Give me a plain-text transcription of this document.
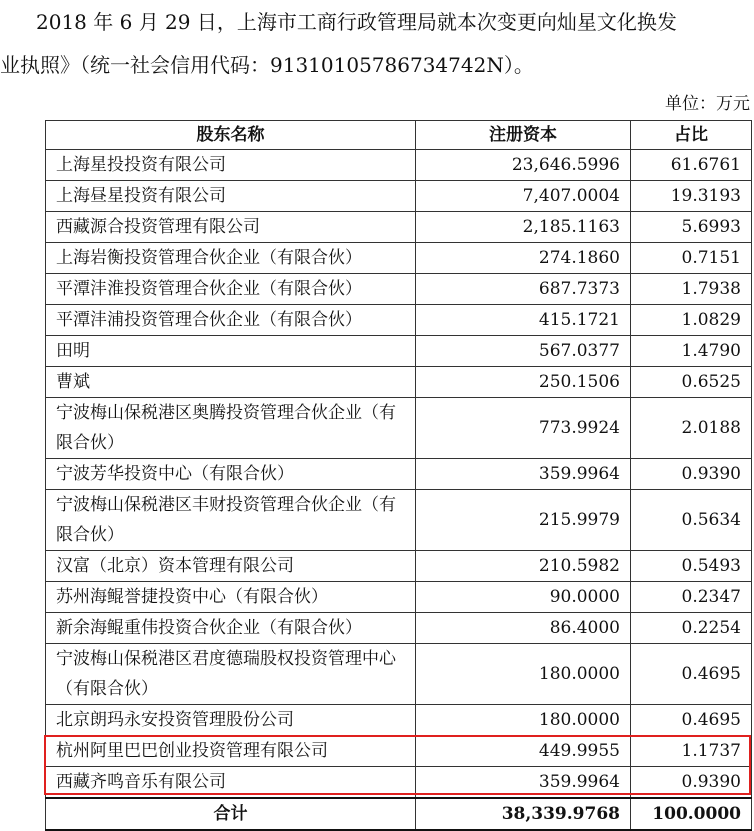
2018 年 6 月 29 日，上海市工商行政管理局就本次变更向灿星文化换发
业执照》（统一社会信用代码：91310105786734742N）。
单位：万元
股东名称	注册资本	占比
上海星投投资有限公司	23,646.5996	61.6761
上海昼星投资有限公司	7,407.0004	19.3193
西藏源合投资管理有限公司	2,185.1163	5.6993
上海岩衡投资管理合伙企业（有限合伙）	274.1860	0.7151
平潭沣淮投资管理合伙企业（有限合伙）	687.7373	1.7938
平潭沣浦投资管理合伙企业（有限合伙）	415.1721	1.0829
田明	567.0377	1.4790
曹斌	250.1506	0.6525
宁波梅山保税港区奥腾投资管理合伙企业（有限合伙）	773.9924	2.0188
宁波芳华投资中心（有限合伙）	359.9964	0.9390
宁波梅山保税港区丰财投资管理合伙企业（有限合伙）	215.9979	0.5634
汉富（北京）资本管理有限公司	210.5982	0.5493
苏州海鲲誉捷投资中心（有限合伙）	90.0000	0.2347
新余海鲲重伟投资合伙企业（有限合伙）	86.4000	0.2254
宁波梅山保税港区君度德瑞股权投资管理中心（有限合伙）	180.0000	0.4695
北京朗玛永安投资管理股份公司	180.0000	0.4695
杭州阿里巴巴创业投资管理有限公司	449.9955	1.1737
西藏齐鸣音乐有限公司	359.9964	0.9390
合计	38,339.9768	100.0000
